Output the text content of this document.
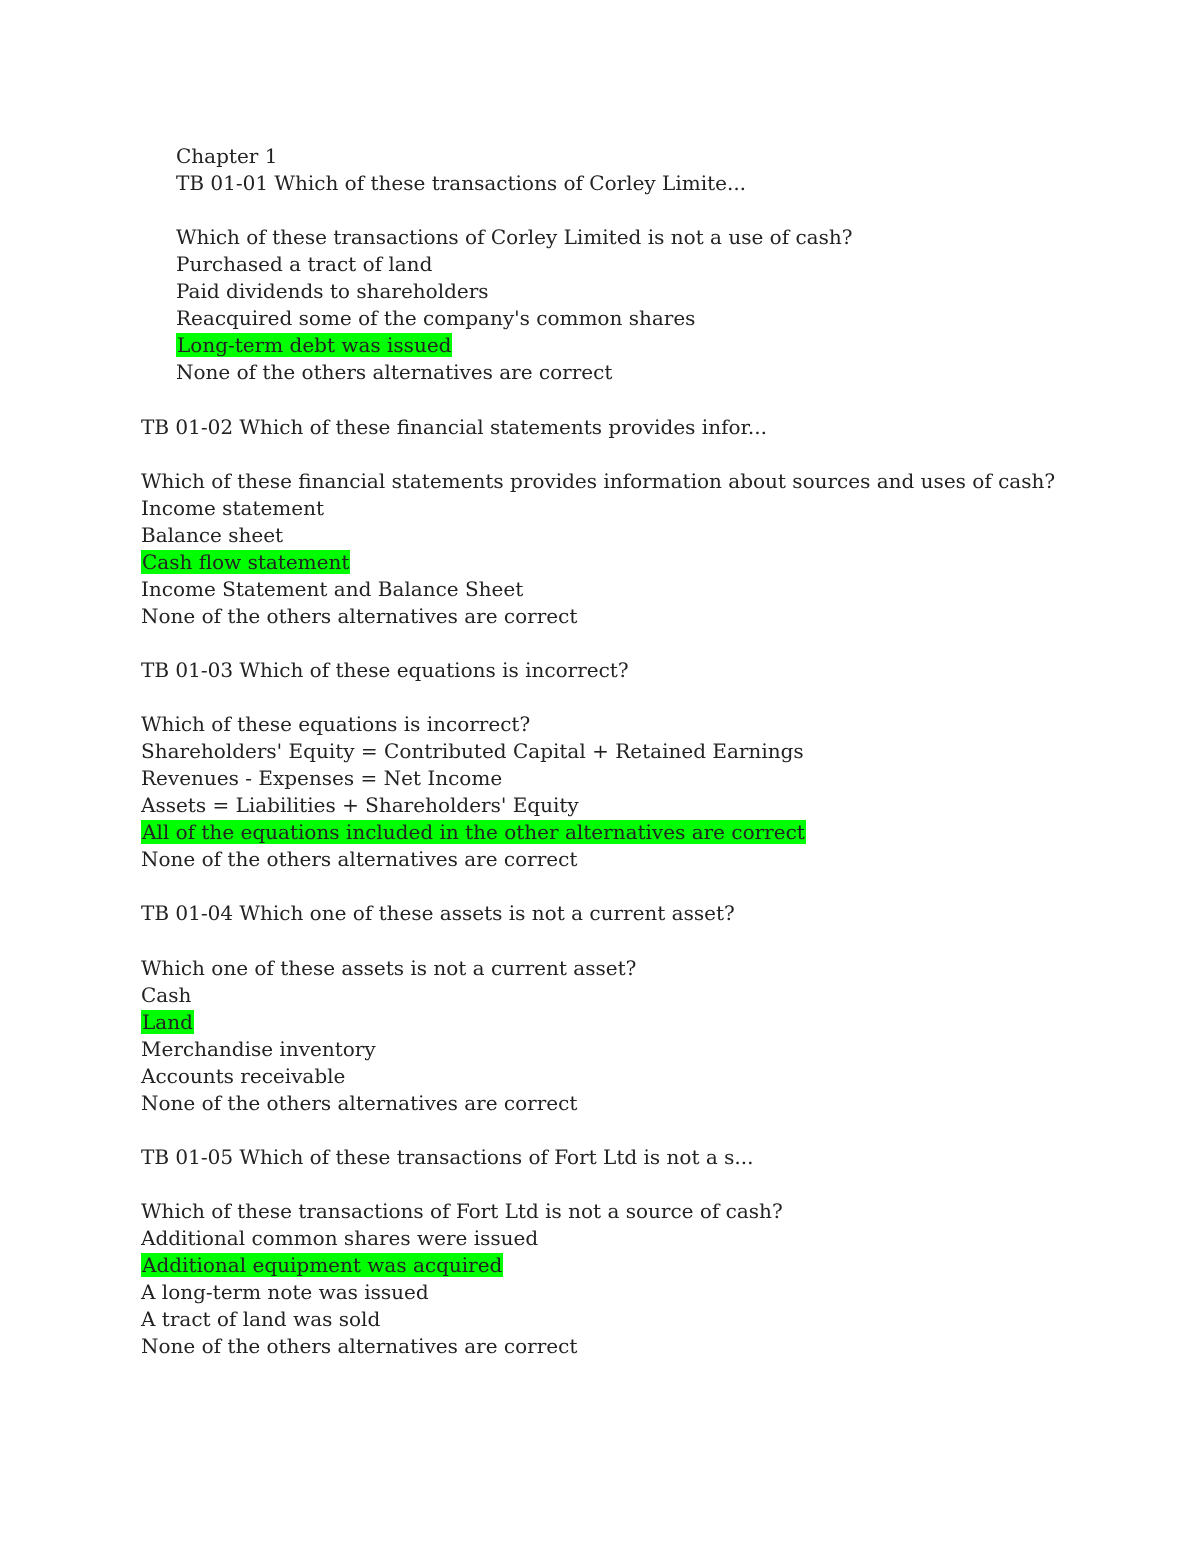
Chapter 1
TB 01-01 Which of these transactions of Corley Limite...
Which of these transactions of Corley Limited is not a use of cash?
Purchased a tract of land
Paid dividends to shareholders
Reacquired some of the company's common shares
Long-term debt was issued
None of the others alternatives are correct
TB 01-02 Which of these financial statements provides infor...
Which of these financial statements provides information about sources and uses of cash?
Income statement
Balance sheet
Cash flow statement
Income Statement and Balance Sheet
None of the others alternatives are correct
TB 01-03 Which of these equations is incorrect?
Which of these equations is incorrect?
Shareholders' Equity = Contributed Capital + Retained Earnings
Revenues - Expenses = Net Income
Assets = Liabilities + Shareholders' Equity
All of the equations included in the other alternatives are correct
None of the others alternatives are correct
TB 01-04 Which one of these assets is not a current asset?
Which one of these assets is not a current asset?
Cash
Land
Merchandise inventory
Accounts receivable
None of the others alternatives are correct
TB 01-05 Which of these transactions of Fort Ltd is not a s...
Which of these transactions of Fort Ltd is not a source of cash?
Additional common shares were issued
Additional equipment was acquired
A long-term note was issued
A tract of land was sold
None of the others alternatives are correct
